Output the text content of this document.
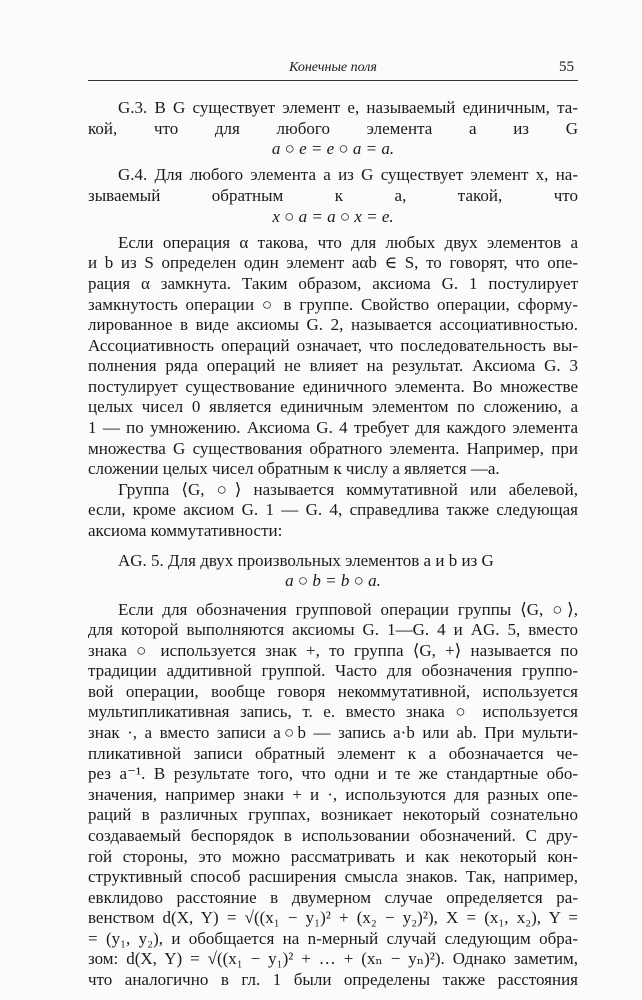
Конечные поля	55
G.3. В G существует элемент e, называемый единичным, та-
кой, что для любого элемента a из G
a ○ e = e ○ a = a.
G.4. Для любого элемента a из G существует элемент x, на-
зываемый обратным к a, такой, что
x ○ a = a ○ x = e.
Если операция α такова, что для любых двух элементов a
и b из S определен один элемент aαb ∈ S, то говорят, что опе-
рация α замкнута. Таким образом, аксиома G. 1 постулирует
замкнутость операции ○ в группе. Свойство операции, сформу-
лированное в виде аксиомы G. 2, называется ассоциативностью.
Ассоциативность операций означает, что последовательность вы-
полнения ряда операций не влияет на результат. Аксиома G. 3
постулирует существование единичного элемента. Во множестве
целых чисел 0 является единичным элементом по сложению, а
1 — по умножению. Аксиома G. 4 требует для каждого элемента
множества G существования обратного элемента. Например, при
сложении целых чисел обратным к числу a является —a.
Группа ⟨G, ○⟩ называется коммутативной или абелевой,
если, кроме аксиом G. 1 — G. 4, справедлива также следующая
аксиома коммутативности:
AG. 5. Для двух произвольных элементов a и b из G
a ○ b = b ○ a.
Если для обозначения групповой операции группы ⟨G, ○⟩,
для которой выполняются аксиомы G. 1—G. 4 и AG. 5, вместо
знака ○ используется знак +, то группа ⟨G, +⟩ называется по
традиции аддитивной группой. Часто для обозначения группо-
вой операции, вообще говоря некоммутативной, используется
мультипликативная запись, т. е. вместо знака ○ используется
знак ·, а вместо записи a○b — запись a·b или ab. При мульти-
пликативной записи обратный элемент к a обозначается че-
рез a⁻¹. В результате того, что одни и те же стандартные обо-
значения, например знаки + и ·, используются для разных опе-
раций в различных группах, возникает некоторый сознательно
создаваемый беспорядок в использовании обозначений. С дру-
гой стороны, это можно рассматривать и как некоторый кон-
структивный способ расширения смысла знаков. Так, например,
евклидово расстояние в двумерном случае определяется ра-
венством d(X, Y) = √((x₁ − y₁)² + (x₂ − y₂)²), X = (x₁, x₂), Y =
= (y₁, y₂), и обобщается на n-мерный случай следующим обра-
зом: d(X, Y) = √((x₁ − y₁)² + … + (xₙ − yₙ)²). Однако заметим,
что аналогично в гл. 1 были определены также расстояния
